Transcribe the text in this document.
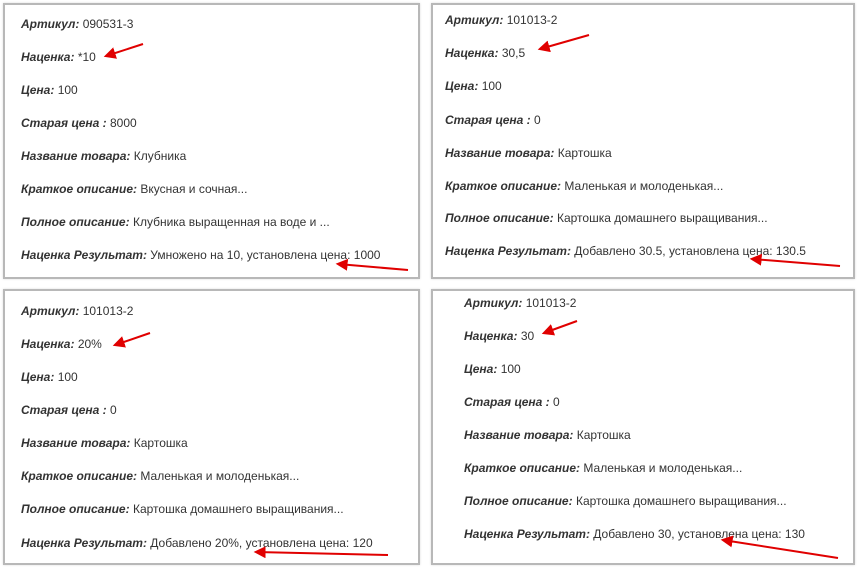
Артикул: 090531-3
Наценка: *10
Цена: 100
Старая цена : 8000
Название товара: Клубника
Краткое описание: Вкусная и сочная...
Полное описание: Клубника выращенная на воде и ...
Наценка Результат: Умножено на 10, установлена цена: 1000
Артикул: 101013-2
Наценка: 30,5
Цена: 100
Старая цена : 0
Название товара: Картошка
Краткое описание: Маленькая и молоденькая...
Полное описание: Картошка домашнего выращивания...
Наценка Результат: Добавлено 30.5, установлена цена: 130.5
Артикул: 101013-2
Наценка: 20%
Цена: 100
Старая цена : 0
Название товара: Картошка
Краткое описание: Маленькая и молоденькая...
Полное описание: Картошка домашнего выращивания...
Наценка Результат: Добавлено 20%, установлена цена: 120
Артикул: 101013-2
Наценка: 30
Цена: 100
Старая цена : 0
Название товара: Картошка
Краткое описание: Маленькая и молоденькая...
Полное описание: Картошка домашнего выращивания...
Наценка Результат: Добавлено 30, установлена цена: 130
